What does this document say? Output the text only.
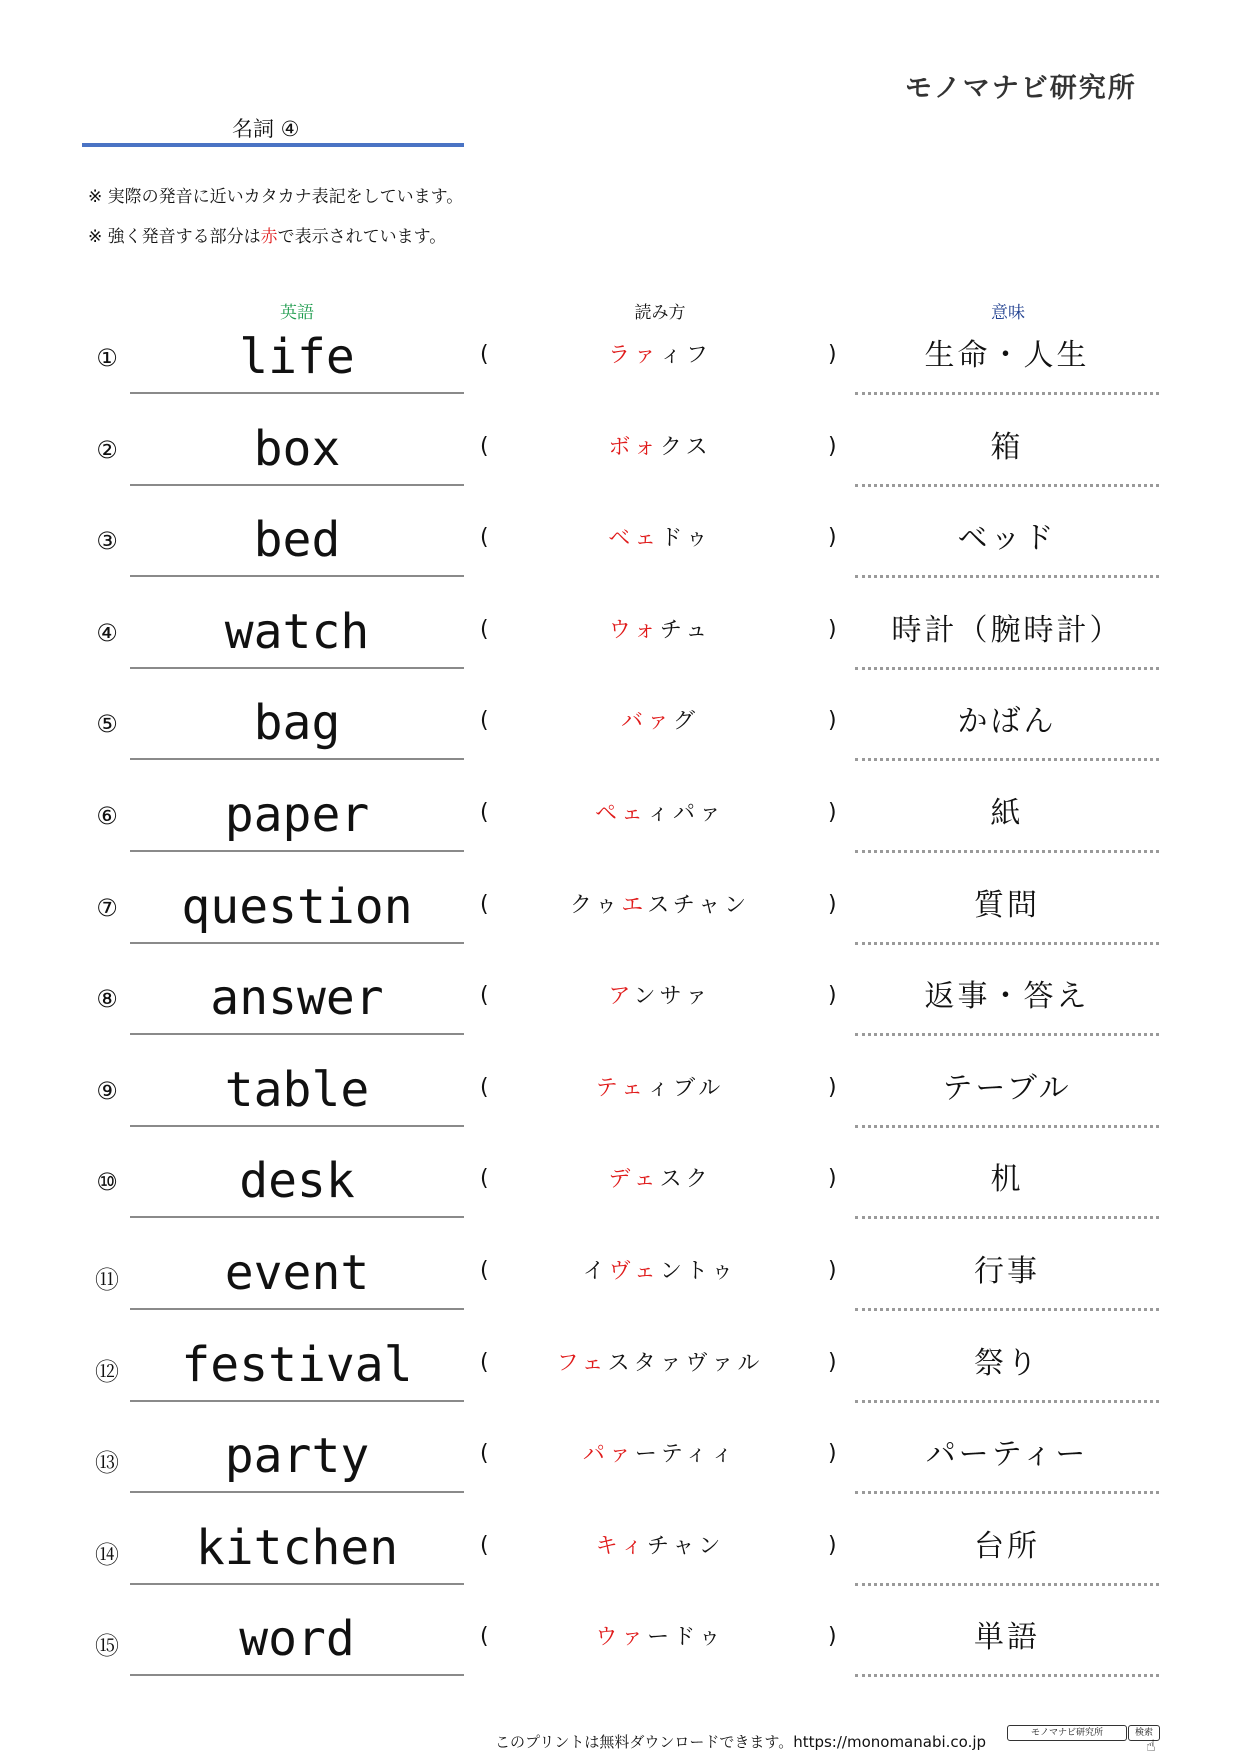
モノマナビ研究所
名詞 ④
※ 実際の発音に近いカタカナ表記をしています。
※ 強く発音する部分は赤で表示されています。
英語	読み方	意味
①	life	(	ラァィフ	)	生命・人生
②	box	(	ボォクス	)	箱
③	bed	(	ベェドゥ	)	ベッド
④	watch	(	ウォチュ	)	時計（腕時計）
⑤	bag	(	バァグ	)	かばん
⑥	paper	(	ペェィパァ	)	紙
⑦	question	(	クゥエスチャン	)	質問
⑧	answer	(	アンサァ	)	返事・答え
⑨	table	(	テェィブル	)	テーブル
⑩	desk	(	デェスク	)	机
⑪	event	(	イヴェントゥ	)	行事
⑫	festival	(	フェスタァヴァル	)	祭り
⑬	party	(	パァーティィ	)	パーティー
⑭	kitchen	(	キィチャン	)	台所
⑮	word	(	ウァードゥ	)	単語
このプリントは無料ダウンロードできます。https://monomanabi.co.jp	モノマナビ研究所	検索
☝
